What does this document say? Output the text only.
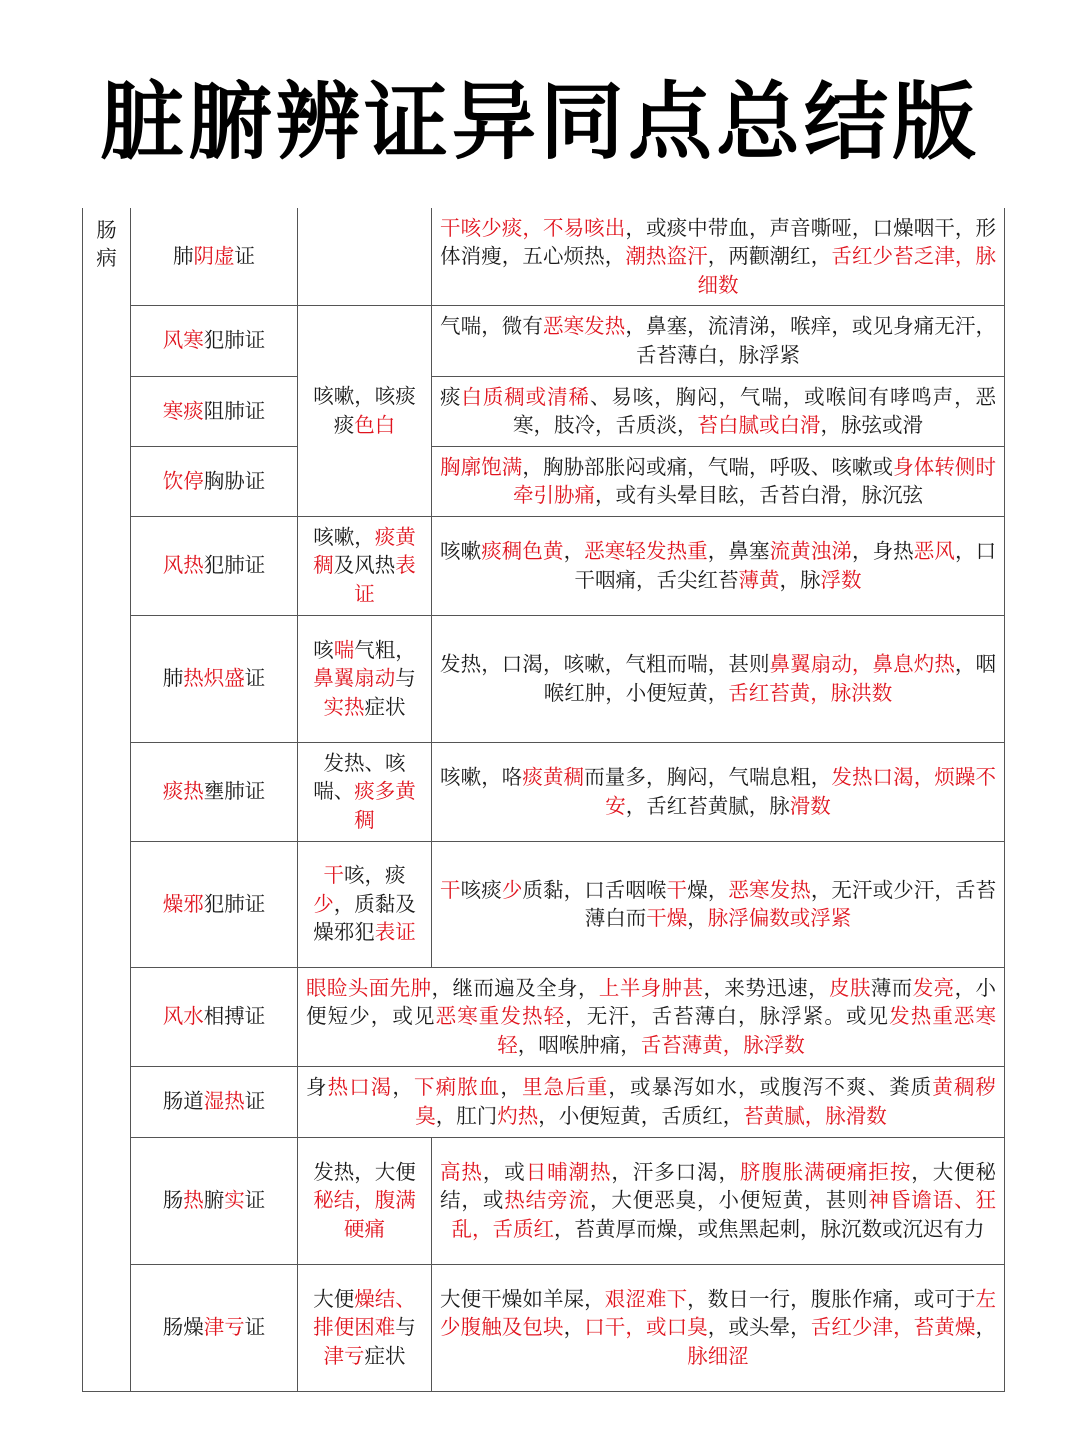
脏腑辨证异同点总结版
肠病	肺阴虚证		干咳少痰，不易咳出，或痰中带血，声音嘶哑，口燥咽干，形体消瘦，五心烦热，潮热盗汗，两颧潮红，舌红少苔乏津，脉细数
	风寒犯肺证	咳嗽，咳痰痰色白	气喘，微有恶寒发热，鼻塞，流清涕，喉痒，或见身痛无汗，舌苔薄白，脉浮紧
	寒痰阻肺证		痰白质稠或清稀、易咳，胸闷，气喘，或喉间有哮鸣声，恶寒，肢冷，舌质淡，苔白腻或白滑，脉弦或滑
	饮停胸胁证		胸廓饱满，胸胁部胀闷或痛，气喘，呼吸、咳嗽或身体转侧时牵引胁痛，或有头晕目眩，舌苔白滑，脉沉弦
	风热犯肺证	咳嗽，痰黄稠及风热表证	咳嗽痰稠色黄，恶寒轻发热重，鼻塞流黄浊涕，身热恶风，口干咽痛，舌尖红苔薄黄，脉浮数
	肺热炽盛证	咳喘气粗，鼻翼扇动与实热症状	发热，口渴，咳嗽，气粗而喘，甚则鼻翼扇动，鼻息灼热，咽喉红肿，小便短黄，舌红苔黄，脉洪数
	痰热壅肺证	发热、咳喘、痰多黄稠	咳嗽，咯痰黄稠而量多，胸闷，气喘息粗，发热口渴，烦躁不安，舌红苔黄腻，脉滑数
	燥邪犯肺证	干咳，痰少，质黏及燥邪犯表证	干咳痰少质黏，口舌咽喉干燥，恶寒发热，无汗或少汗，舌苔薄白而干燥，脉浮偏数或浮紧
	风水相搏证	眼睑头面先肿，继而遍及全身，上半身肿甚，来势迅速，皮肤薄而发亮，小便短少，或见恶寒重发热轻，无汗，舌苔薄白，脉浮紧。或见发热重恶寒轻，咽喉肿痛，舌苔薄黄，脉浮数	
	肠道湿热证	身热口渴，下痢脓血，里急后重，或暴泻如水，或腹泻不爽、粪质黄稠秽臭，肛门灼热，小便短黄，舌质红，苔黄腻，脉滑数	
	肠热腑实证	发热，大便秘结，腹满硬痛	高热，或日晡潮热，汗多口渴，脐腹胀满硬痛拒按，大便秘结，或热结旁流，大便恶臭，小便短黄，甚则神昏谵语、狂乱，舌质红，苔黄厚而燥，或焦黑起刺，脉沉数或沉迟有力
	肠燥津亏证	大便燥结、排便困难与津亏症状	大便干燥如羊屎，艰涩难下，数日一行，腹胀作痛，或可于左少腹触及包块，口干，或口臭，或头晕，舌红少津，苔黄燥，脉细涩
